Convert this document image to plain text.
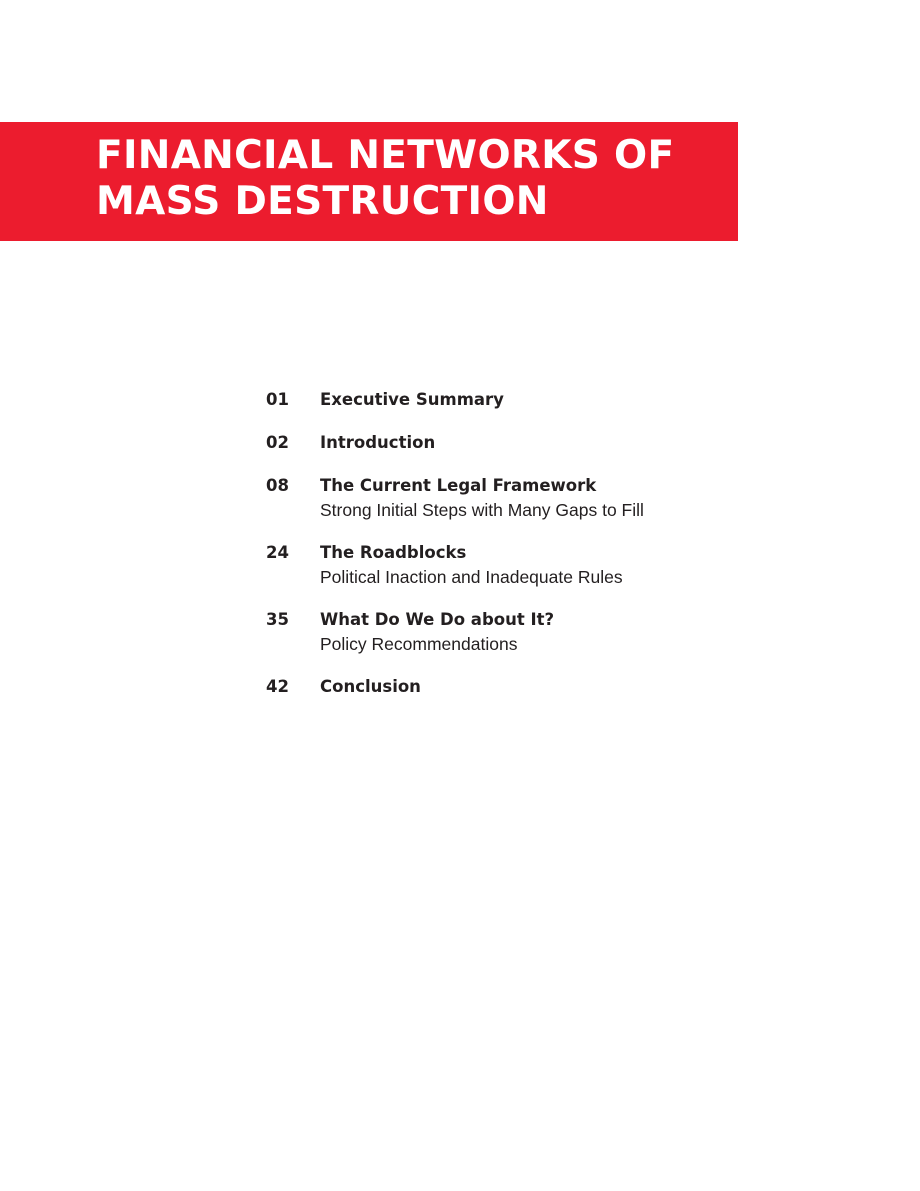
FINANCIAL NETWORKS OF
MASS DESTRUCTION
01	Executive Summary
02	Introduction
08	The Current Legal Framework
Strong Initial Steps with Many Gaps to Fill
24	The Roadblocks
Political Inaction and Inadequate Rules
35	What Do We Do about It?
Policy Recommendations
42	Conclusion
